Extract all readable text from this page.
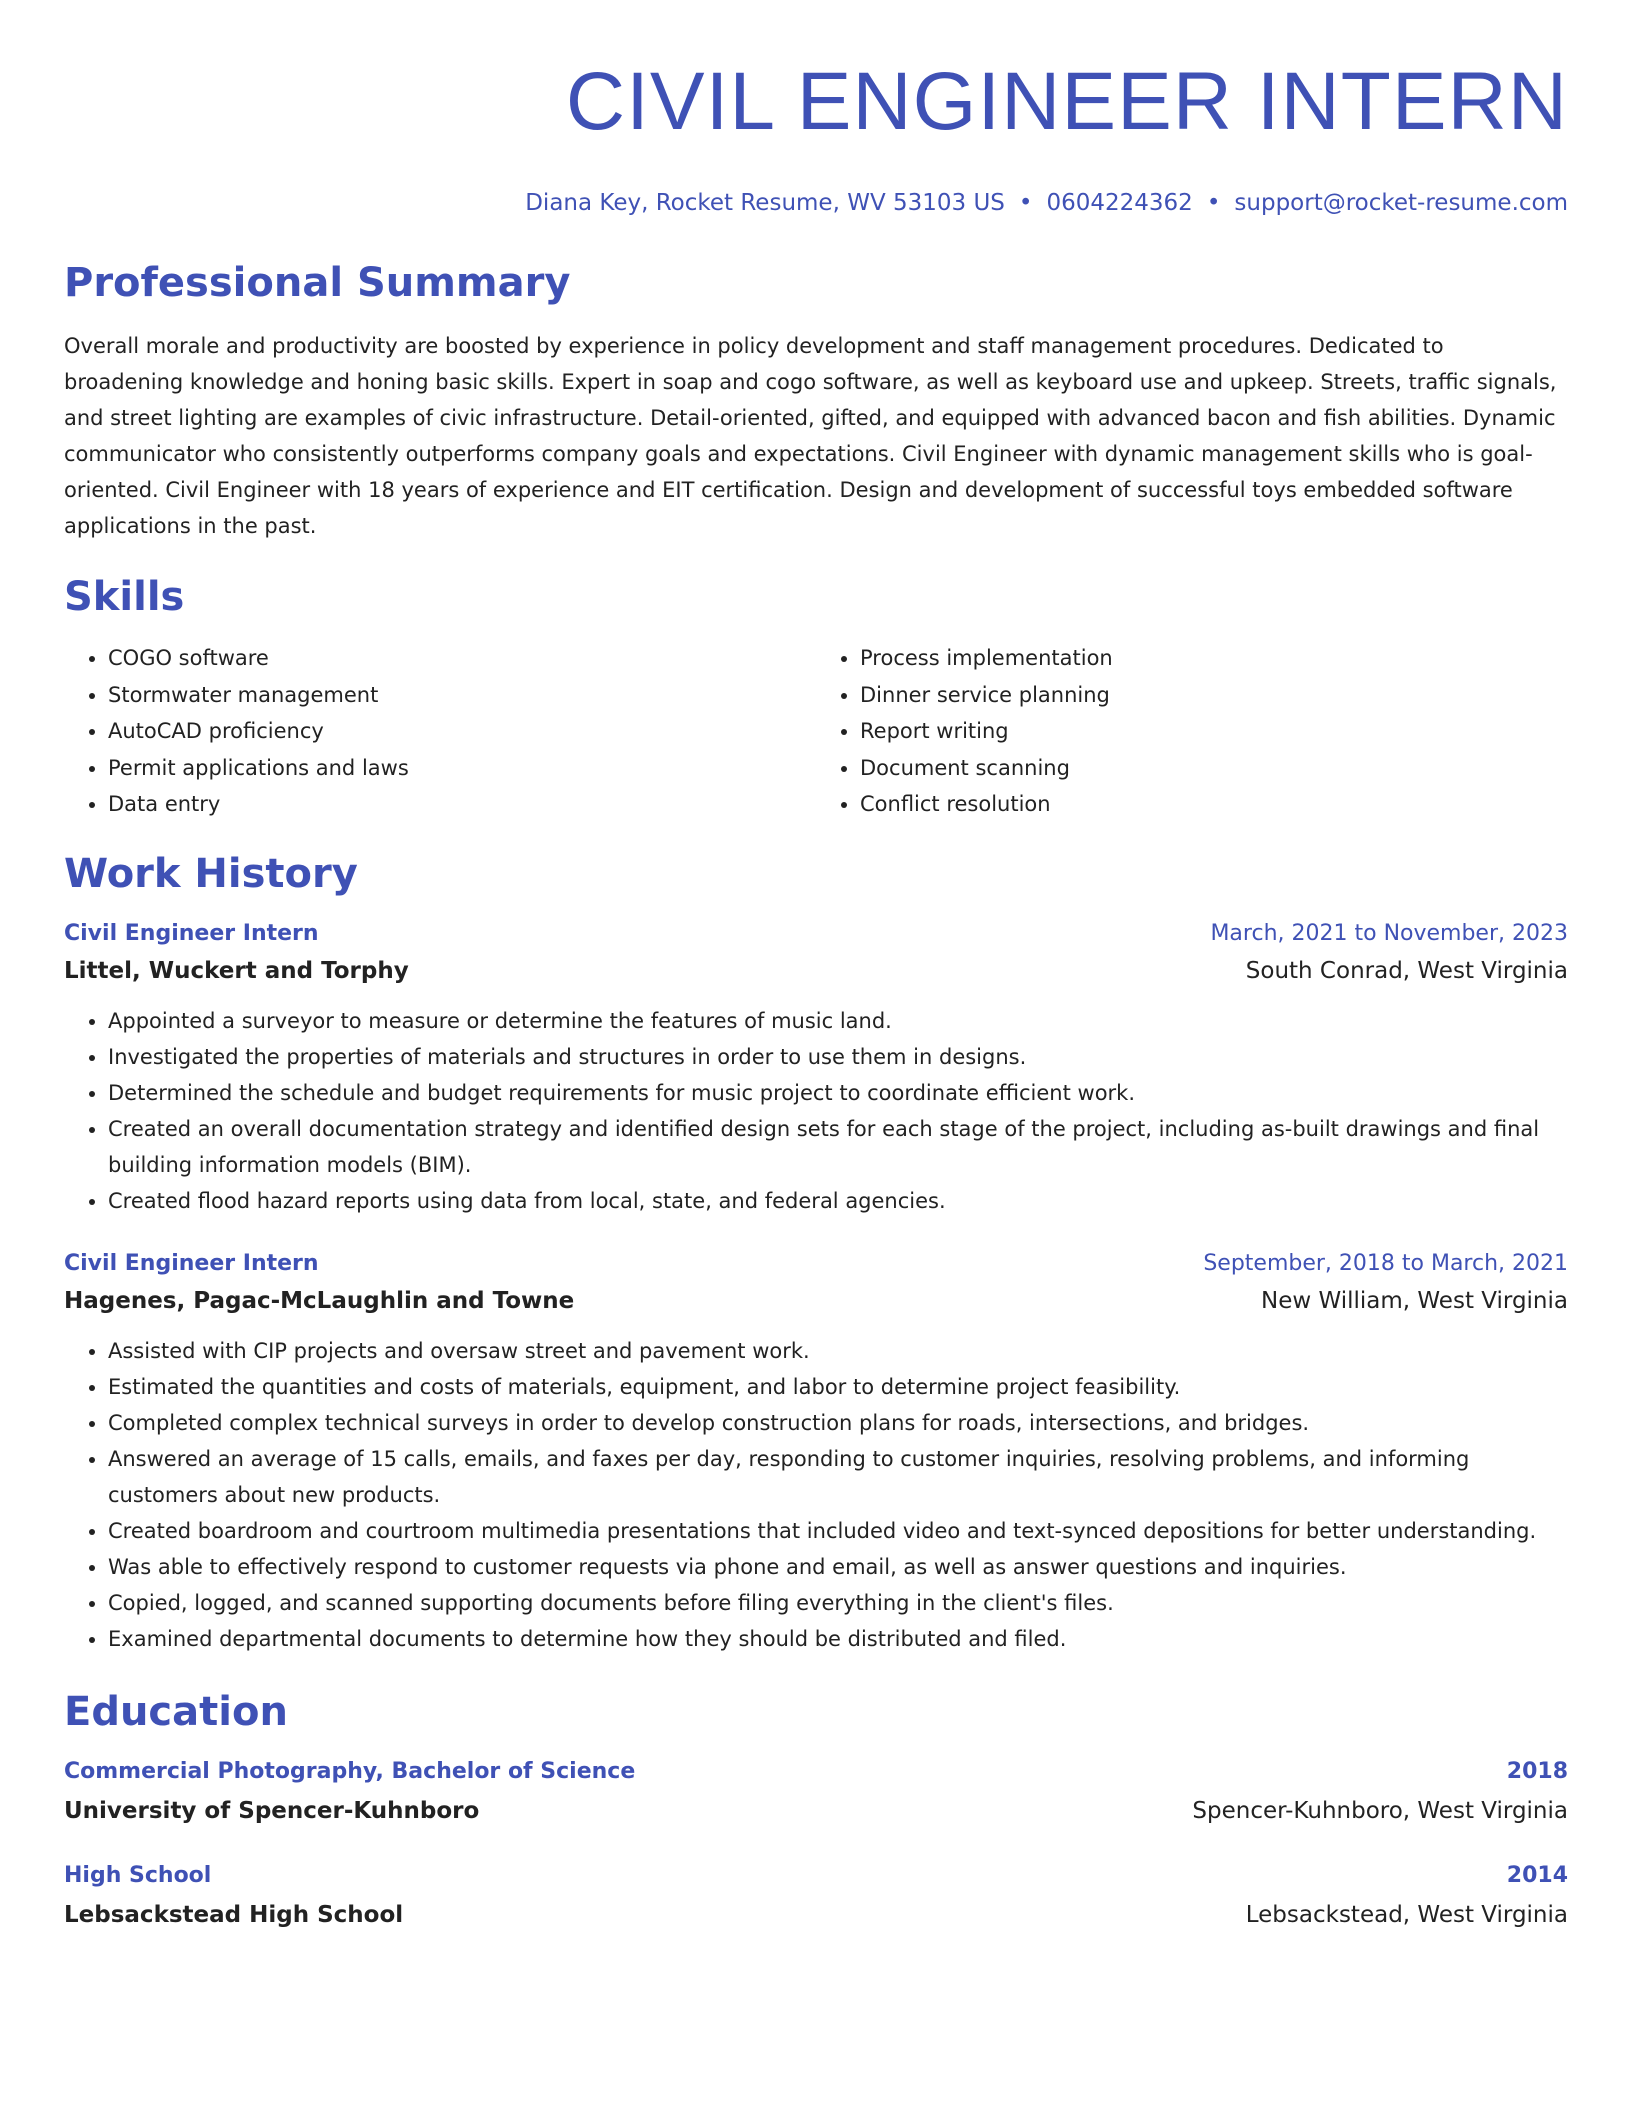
CIVIL ENGINEER INTERN
Diana Key, Rocket Resume, WV 53103 US • 0604224362 • support@rocket-resume.com
Professional Summary
Overall morale and productivity are boosted by experience in policy development and staff management procedures. Dedicated to broadening knowledge and honing basic skills. Expert in soap and cogo software, as well as keyboard use and upkeep. Streets, traffic signals, and street lighting are examples of civic infrastructure. Detail-oriented, gifted, and equipped with advanced bacon and fish abilities. Dynamic communicator who consistently outperforms company goals and expectations. Civil Engineer with dynamic management skills who is goal-oriented. Civil Engineer with 18 years of experience and EIT certification. Design and development of successful toys embedded software applications in the past.
Skills
• COGO software
• Stormwater management
• AutoCAD proficiency
• Permit applications and laws
• Data entry
• Process implementation
• Dinner service planning
• Report writing
• Document scanning
• Conflict resolution
Work History
Civil Engineer Intern	March, 2021 to November, 2023
Littel, Wuckert and Torphy	South Conrad, West Virginia
• Appointed a surveyor to measure or determine the features of music land.
• Investigated the properties of materials and structures in order to use them in designs.
• Determined the schedule and budget requirements for music project to coordinate efficient work.
• Created an overall documentation strategy and identified design sets for each stage of the project, including as-built drawings and final building information models (BIM).
• Created flood hazard reports using data from local, state, and federal agencies.
Civil Engineer Intern	September, 2018 to March, 2021
Hagenes, Pagac-McLaughlin and Towne	New William, West Virginia
• Assisted with CIP projects and oversaw street and pavement work.
• Estimated the quantities and costs of materials, equipment, and labor to determine project feasibility.
• Completed complex technical surveys in order to develop construction plans for roads, intersections, and bridges.
• Answered an average of 15 calls, emails, and faxes per day, responding to customer inquiries, resolving problems, and informing customers about new products.
• Created boardroom and courtroom multimedia presentations that included video and text-synced depositions for better understanding.
• Was able to effectively respond to customer requests via phone and email, as well as answer questions and inquiries.
• Copied, logged, and scanned supporting documents before filing everything in the client's files.
• Examined departmental documents to determine how they should be distributed and filed.
Education
Commercial Photography, Bachelor of Science	2018
University of Spencer-Kuhnboro	Spencer-Kuhnboro, West Virginia
High School	2014
Lebsackstead High School	Lebsackstead, West Virginia
